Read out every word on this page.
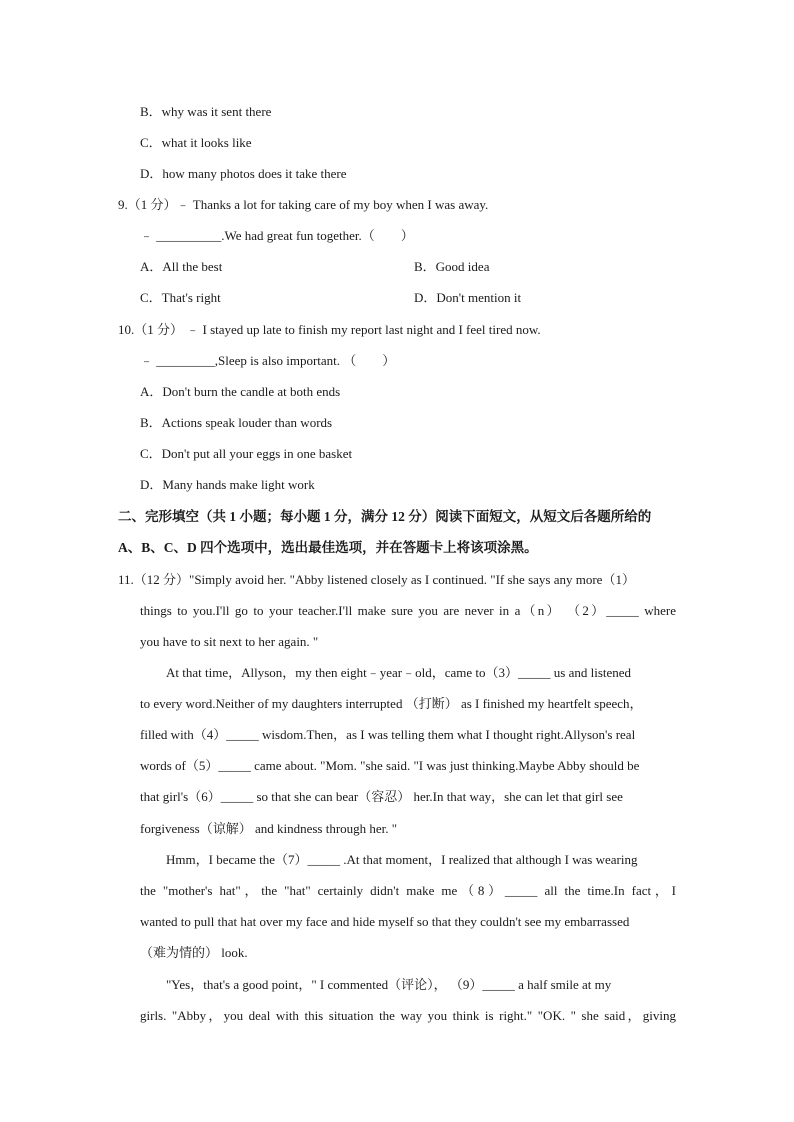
B．why was it sent there
C．what it looks like
D．how many photos does it take there
9.（1 分）﹣ Thanks a lot for taking care of my boy when I was away.
﹣ __________.We had great fun together.（　　）
A．All the best	B．Good idea
C．That's right	D．Don't mention it
10.（1 分） ﹣ I stayed up late to finish my report last night and I feel tired now.
﹣ _________,Sleep is also important. （　　）
A．Don't burn the candle at both ends
B．Actions speak louder than words
C．Don't put all your eggs in one basket
D．Many hands make light work
二、完形填空（共 1 小题；每小题 1 分，满分 12 分）阅读下面短文，从短文后各题所给的
A、B、C、D 四个选项中，选出最佳选项，并在答题卡上将该项涂黑。
11.（12 分）"Simply avoid her. "Abby listened closely as I continued. "If she says any more（1）
things to you.I'll go to your teacher.I'll make sure you are never in a（n） （2）_____ where
you have to sit next to her again. "
At that time，Allyson，my then eight﹣year﹣old，came to（3）_____ us and listened
to every word.Neither of my daughters interrupted （打断） as I finished my heartfelt speech，
filled with（4）_____ wisdom.Then，as I was telling them what I thought right.Allyson's real
words of（5）_____ came about. "Mom. "she said. "I was just thinking.Maybe Abby should be
that girl's（6）_____ so that she can bear（容忍） her.In that way，she can let that girl see
forgiveness（谅解） and kindness through her. "
Hmm，I became the（7）_____ .At that moment，I realized that although I was wearing
the "mother's hat"，the "hat" certainly didn't make me（8）_____ all the time.In fact，I
wanted to pull that hat over my face and hide myself so that they couldn't see my embarrassed
（难为情的） look.
"Yes，that's a good point，" I commented（评论）， （9）_____ a half smile at my
girls. "Abby，you deal with this situation the way you think is right." "OK. " she said，giving
